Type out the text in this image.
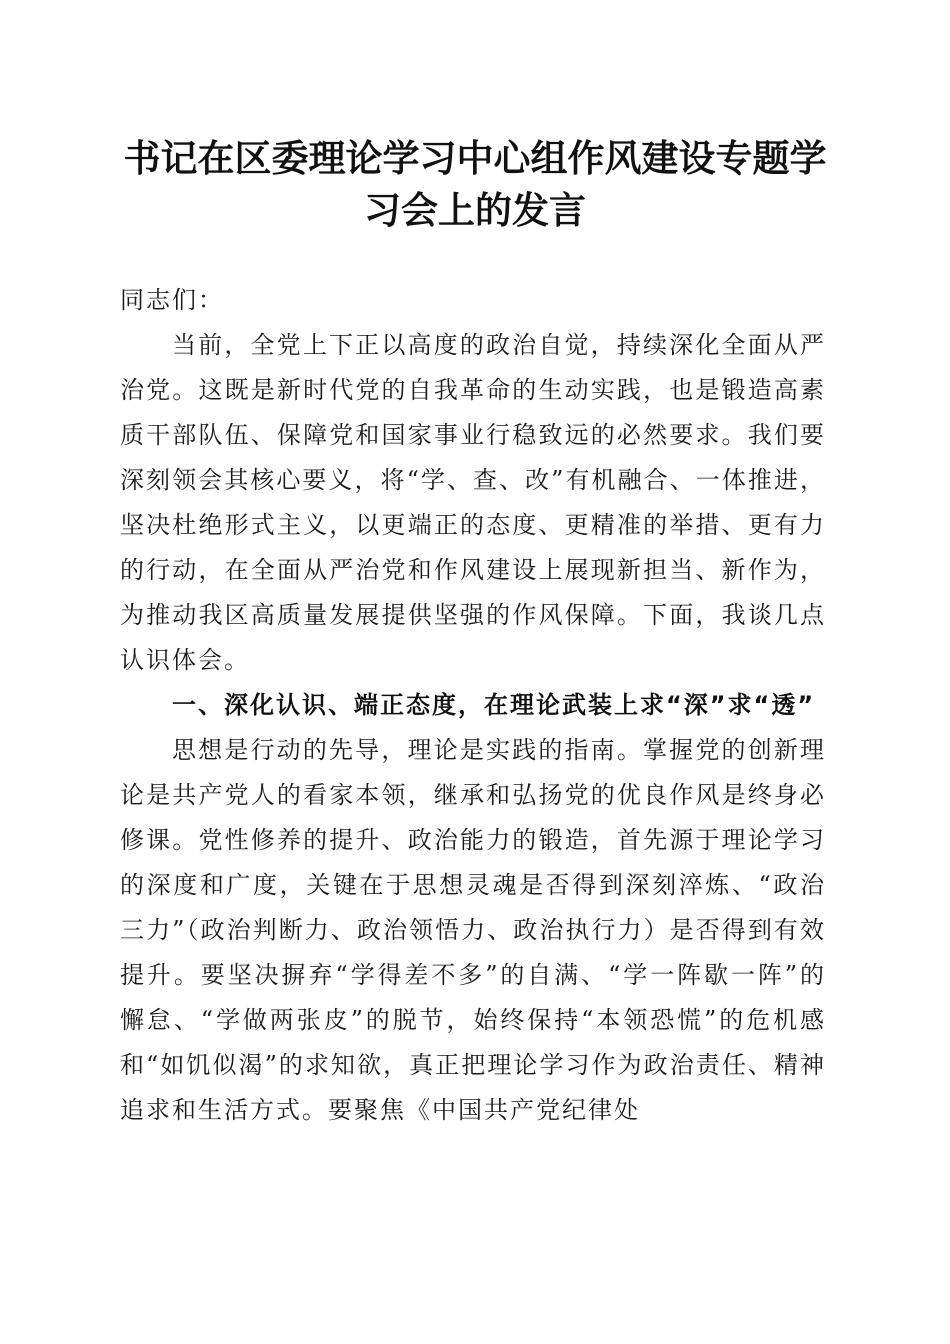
书记在区委理论学习中心组作风建设专题学习会上的发言

同志们：

当前，全党上下正以高度的政治自觉，持续深化全面从严治党。这既是新时代党的自我革命的生动实践，也是锻造高素质干部队伍、保障党和国家事业行稳致远的必然要求。我们要深刻领会其核心要义，将“学、查、改”有机融合、一体推进，坚决杜绝形式主义，以更端正的态度、更精准的举措、更有力的行动，在全面从严治党和作风建设上展现新担当、新作为，为推动我区高质量发展提供坚强的作风保障。下面，我谈几点认识体会。

一、深化认识、端正态度，在理论武装上求“深”求“透”

思想是行动的先导，理论是实践的指南。掌握党的创新理论是共产党人的看家本领，继承和弘扬党的优良作风是终身必修课。党性修养的提升、政治能力的锻造，首先源于理论学习的深度和广度，关键在于思想灵魂是否得到深刻淬炼、“政治三力”（政治判断力、政治领悟力、政治执行力）是否得到有效提升。要坚决摒弃“学得差不多”的自满、“学一阵歇一阵”的懈怠、“学做两张皮”的脱节，始终保持“本领恐慌”的危机感和“如饥似渴”的求知欲，真正把理论学习作为政治责任、精神追求和生活方式。要聚焦《中国共产党纪律处
